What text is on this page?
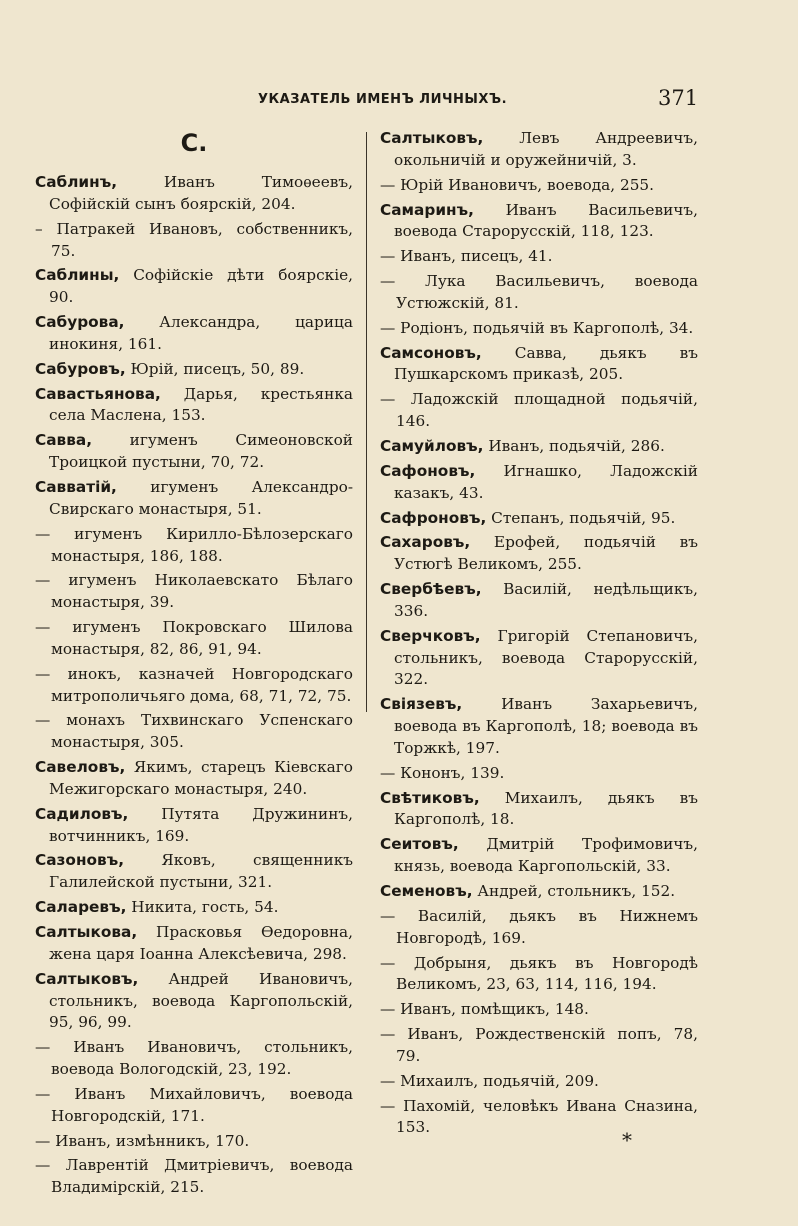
УКАЗАТЕЛЬ ИМЕНЪ ЛИЧНЫХЪ.	371
С.
Саблинъ, Иванъ Тимоѳеевъ, Софійскій сынъ боярскій, 204.
– Патракей Ивановъ, собственникъ, 75.
Саблины, Софійскіе дѣти боярскіе, 90.
Сабурова, Александра, царица инокиня, 161.
Сабуровъ, Юрій, писецъ, 50, 89.
Савастьянова, Дарья, крестьянка села Маслена, 153.
Савва, игуменъ Симеоновской Троицкой пустыни, 70, 72.
Савватій, игуменъ Александро-Свирскаго монастыря, 51.
— игуменъ Кирилло-Бѣлозерскаго монастыря, 186, 188.
— игуменъ Николаевскато Бѣлаго монастыря, 39.
— игуменъ Покровскаго Шилова монастыря, 82, 86, 91, 94.
— инокъ, казначей Новгородскаго митрополичьяго дома, 68, 71, 72, 75.
— монахъ Тихвинскаго Успенскаго монастыря, 305.
Савеловъ, Якимъ, старецъ Кіевскаго Межигорскаго монастыря, 240.
Садиловъ, Путята Дружининъ, вотчинникъ, 169.
Сазоновъ, Яковъ, священникъ Галилейской пустыни, 321.
Саларевъ, Никита, гость, 54.
Салтыкова, Прасковья Ѳедоровна, жена царя Іоанна Алексѣевича, 298.
Салтыковъ, Андрей Ивановичъ, стольникъ, воевода Каргопольскій, 95, 96, 99.
— Иванъ Ивановичъ, стольникъ, воевода Вологодскій, 23, 192.
— Иванъ Михайловичъ, воевода Новгородскій, 171.
— Иванъ, измѣнникъ, 170.
— Лаврентій Дмитріевичъ, воевода Владимірскій, 215.
Салтыковъ, Левъ Андреевичъ, окольничій и оружейничій, 3.
— Юрій Ивановичъ, воевода, 255.
Самаринъ, Иванъ Васильевичъ, воевода Старорусскій, 118, 123.
— Иванъ, писецъ, 41.
— Лука Васильевичъ, воевода Устюжскій, 81.
— Родіонъ, подьячій въ Каргополѣ, 34.
Самсоновъ, Савва, дьякъ въ Пушкарскомъ приказѣ, 205.
— Ладожскій площадной подьячій, 146.
Самуйловъ, Иванъ, подьячій, 286.
Сафоновъ, Игнашко, Ладожскій казакъ, 43.
Сафроновъ, Степанъ, подьячій, 95.
Сахаровъ, Ерофей, подьячій въ Устюгѣ Великомъ, 255.
Свербѣевъ, Василій, недѣльщикъ, 336.
Сверчковъ, Григорій Степановичъ, стольникъ, воевода Старорусскій, 322.
Свіязевъ, Иванъ Захарьевичъ, воевода въ Каргополѣ, 18; воевода въ Торжкѣ, 197.
— Кононъ, 139.
Свѣтиковъ, Михаилъ, дьякъ въ Каргополѣ, 18.
Сеитовъ, Дмитрій Трофимовичъ, князь, воевода Каргопольскій, 33.
Семеновъ, Андрей, стольникъ, 152.
— Василій, дьякъ въ Нижнемъ Новгородѣ, 169.
— Добрыня, дьякъ въ Новгородѣ Великомъ, 23, 63, 114, 116, 194.
— Иванъ, помѣщикъ, 148.
— Иванъ, Рождественскій попъ, 78, 79.
— Михаилъ, подьячій, 209.
— Пахомій, человѣкъ Ивана Сназина, 153.
*
